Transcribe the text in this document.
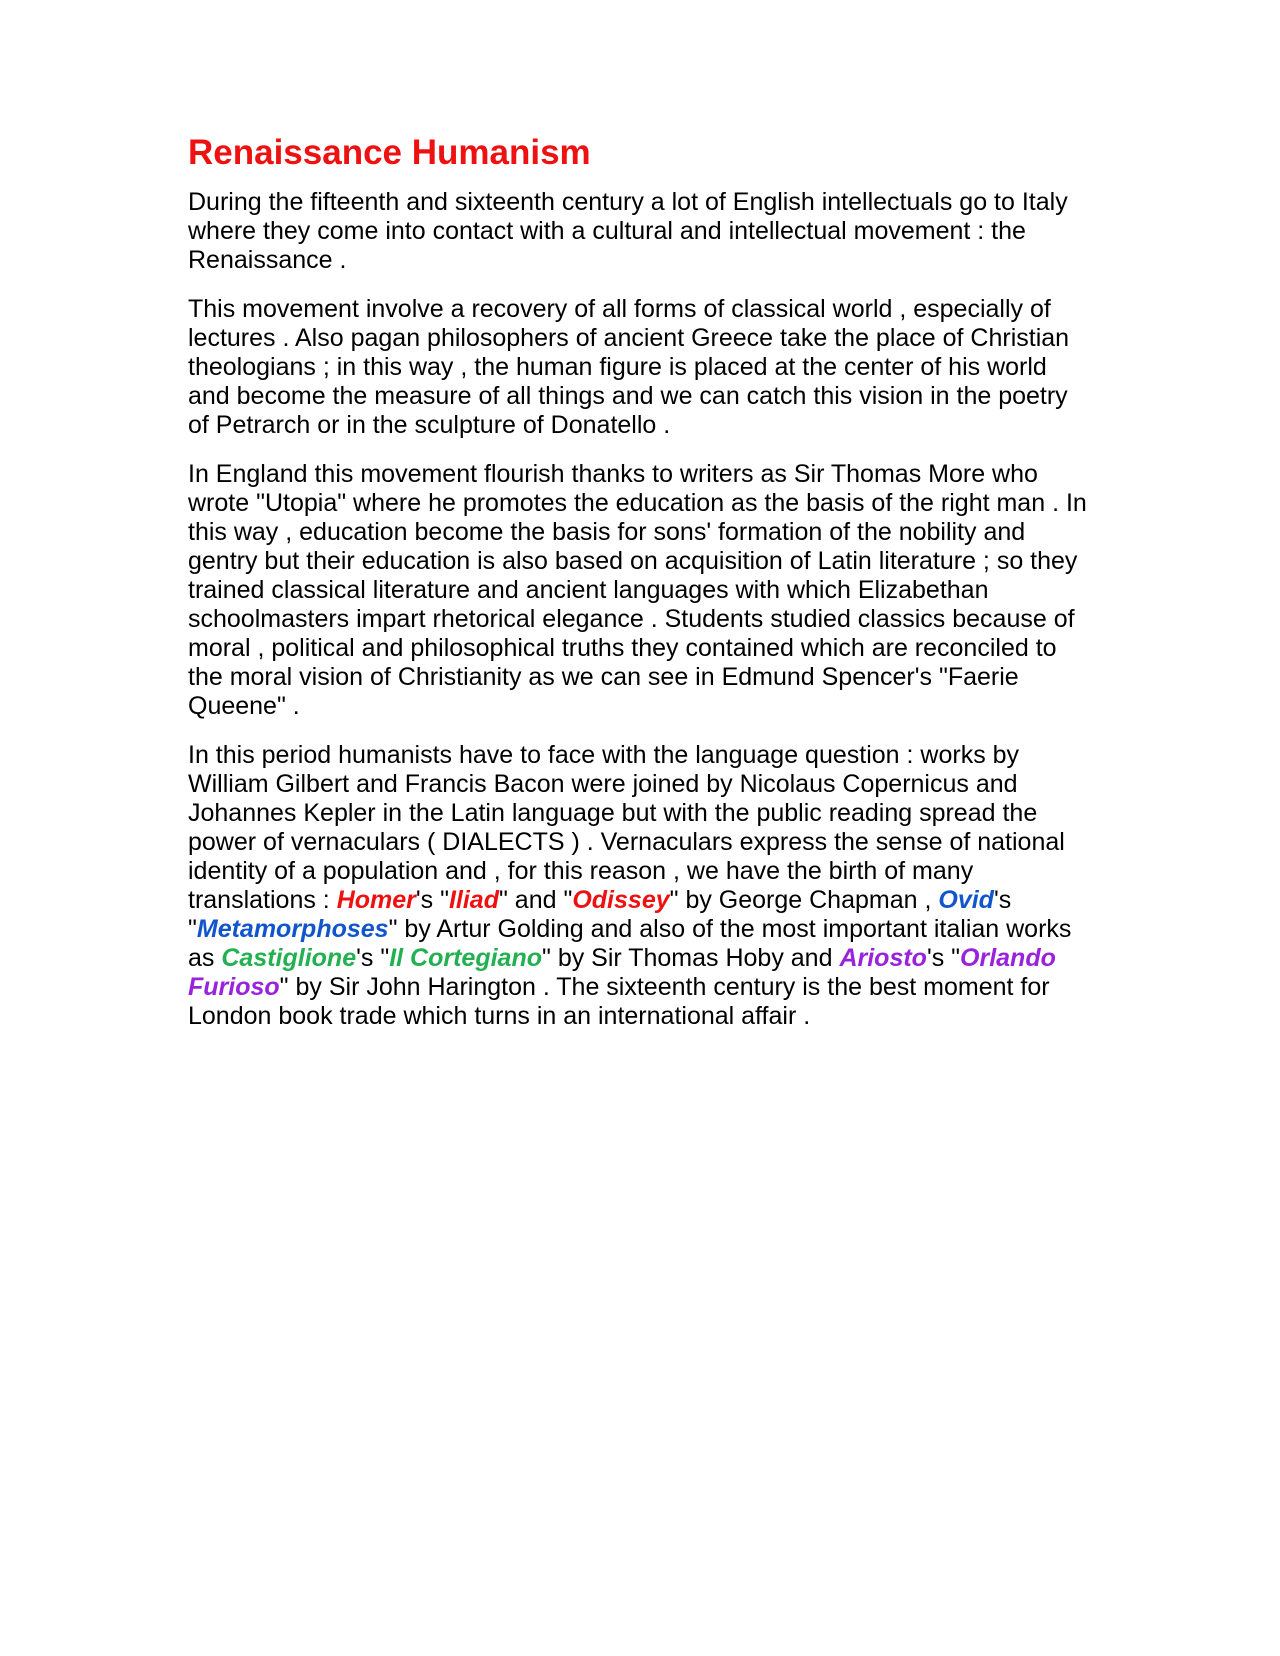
Renaissance Humanism

During the fifteenth and sixteenth century a lot of English intellectuals go to Italy where they come into contact with a cultural and intellectual movement : the Renaissance .

This movement involve a recovery of all forms of classical world , especially of lectures . Also pagan philosophers of ancient Greece take the place of Christian theologians ; in this way , the human figure is placed at the center of his world and become the measure of all things and we can catch this vision in the poetry of Petrarch or in the sculpture of Donatello .

In England this movement flourish thanks to writers as Sir Thomas More who wrote "Utopia" where he promotes the education as the basis of the right man . In this way , education become the basis for sons' formation of the nobility and gentry but their education is also based on acquisition of Latin literature ; so they trained classical literature and ancient languages with which Elizabethan schoolmasters impart rhetorical elegance . Students studied classics because of moral , political and philosophical truths they contained which are reconciled to the moral vision of Christianity as we can see in Edmund Spencer's "Faerie Queene" .

In this period humanists have to face with the language question : works by William Gilbert and Francis Bacon were joined by Nicolaus Copernicus and Johannes Kepler in the Latin language but with the public reading spread the power of vernaculars ( DIALECTS ) . Vernaculars express the sense of national identity of a population and , for this reason , we have the birth of many translations : Homer's "Iliad" and "Odissey" by George Chapman , Ovid's "Metamorphoses" by Artur Golding and also of the most important italian works as Castiglione's "Il Cortegiano" by Sir Thomas Hoby and Ariosto's "Orlando Furioso" by Sir John Harington . The sixteenth century is the best moment for London book trade which turns in an international affair .
